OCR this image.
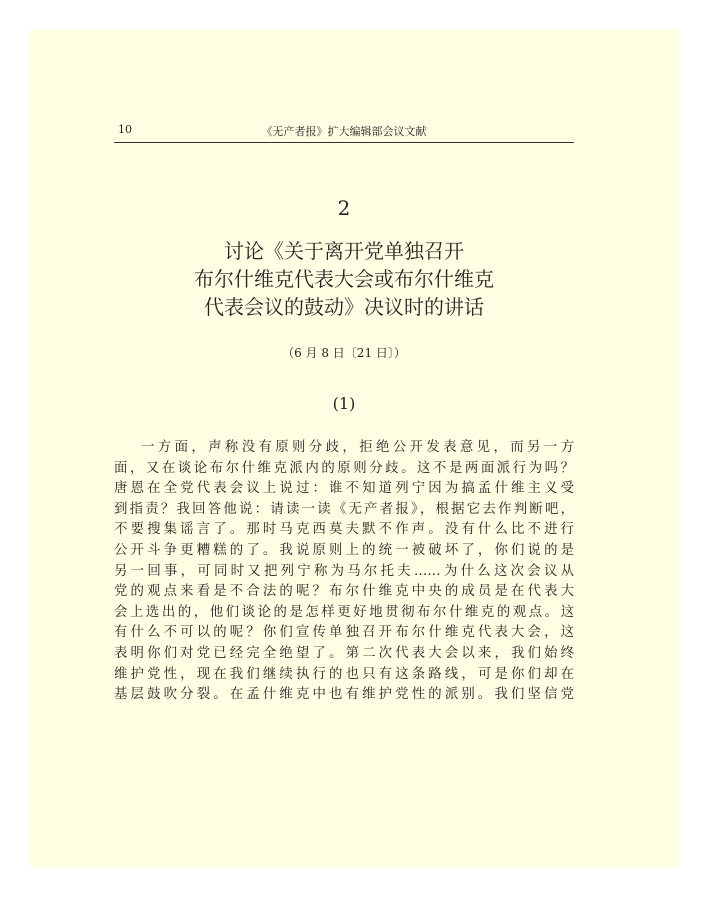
10	《无产者报》扩大编辑部会议文献
2
讨论《关于离开党单独召开
布尔什维克代表大会或布尔什维克
代表会议的鼓动》决议时的讲话
（6 月 8 日〔21 日〕）
(1)
一方面，声称没有原则分歧，拒绝公开发表意见，而另一方
面，又在谈论布尔什维克派内的原则分歧。这不是两面派行为吗？
唐恩在全党代表会议上说过：谁不知道列宁因为搞孟什维主义受
到指责？我回答他说：请读一读《无产者报》，根据它去作判断吧，
不要搜集谣言了。那时马克西莫夫默不作声。没有什么比不进行
公开斗争更糟糕的了。我说原则上的统一被破坏了，你们说的是
另一回事，可同时又把列宁称为马尔托夫……为什么这次会议从
党的观点来看是不合法的呢？布尔什维克中央的成员是在代表大
会上选出的，他们谈论的是怎样更好地贯彻布尔什维克的观点。这
有什么不可以的呢？你们宣传单独召开布尔什维克代表大会，这
表明你们对党已经完全绝望了。第二次代表大会以来，我们始终
维护党性，现在我们继续执行的也只有这条路线，可是你们却在
基层鼓吹分裂。在孟什维克中也有维护党性的派别。我们坚信党
